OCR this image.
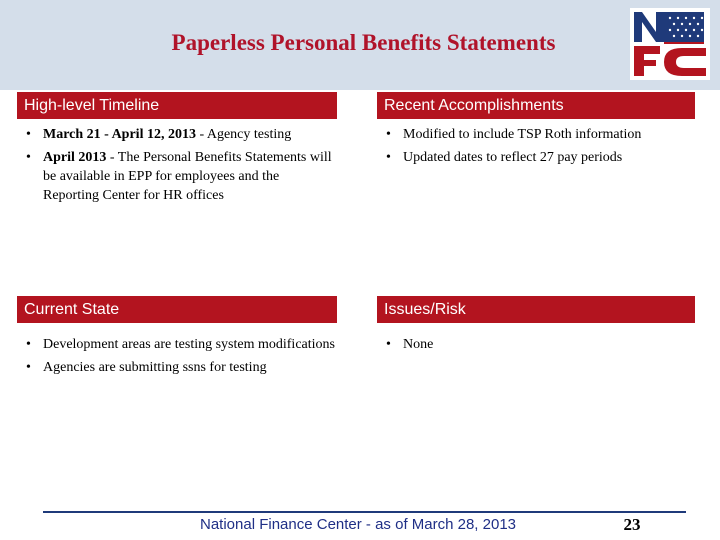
Paperless Personal Benefits Statements
High-level Timeline	Recent Accomplishments
Current State	Issues/Risk
• March 21 - April 12, 2013 - Agency testing
• April 2013 - The Personal Benefits Statements will be available in EPP for employees and the Reporting Center for HR offices
• Modified to include TSP Roth information
• Updated dates to reflect 27 pay periods
• Development areas are testing system modifications
• Agencies are submitting ssns for testing
• None
National Finance Center - as of March 28, 2013	23
